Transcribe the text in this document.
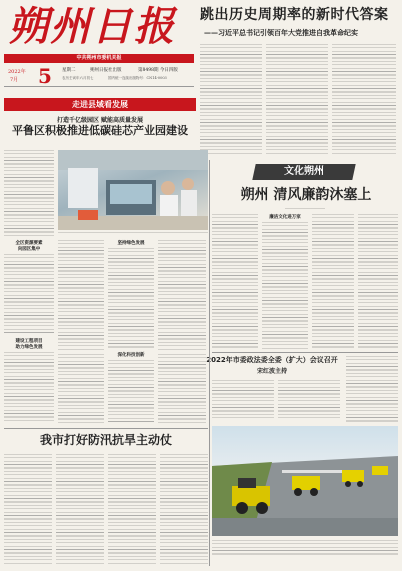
朔州日报
中共朔州市委机关报
2022年
7月 5 星期二	朔州日报社出版	第8498期 今日四版
农历壬寅年六月初七	国内统一连续出版物号：CN14-0003
跳出历史周期率的新时代答案
——习近平总书记引领百年大党推进自我革命纪实
走进县域看发展
打造千亿级园区 赋能高质量发展
平鲁区积极推进低碳硅芯产业园建设
全区资源要素
向园区集中
坚持绿色发展
建设工程项目
助力绿色发展
深化科技创新
文化朔州
朔州 清风廉韵沐塞上
廉洁文化进万家
2022年市委政法委全委（扩大）会议召开
宋红波主持
我市打好防汛抗旱主动仗
